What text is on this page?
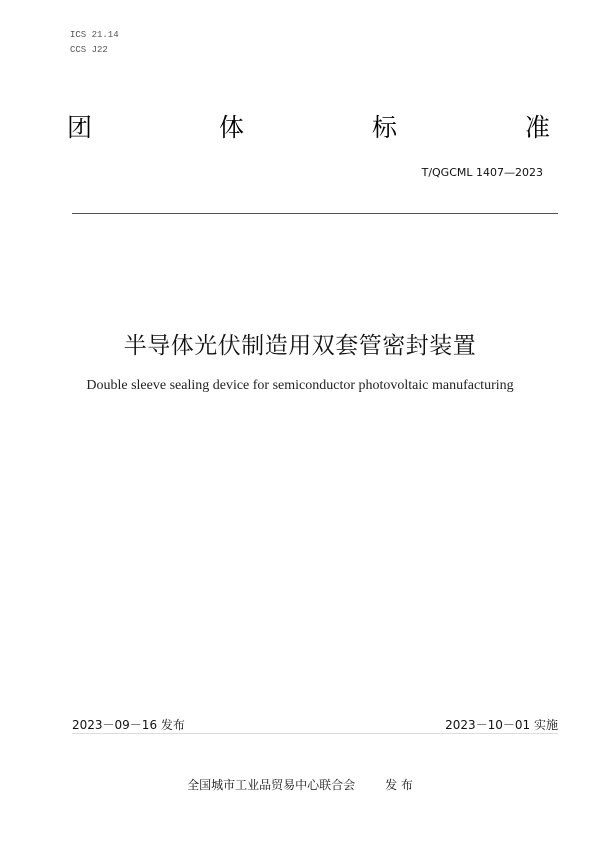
ICS 21.14
CCS J22
团	体	标	准
T/QGCML 1407—2023
半导体光伏制造用双套管密封装置
Double sleeve sealing device for semiconductor photovoltaic manufacturing
2023－09－16 发布	2023－10－01 实施
全国城市工业品贸易中心联合会	发 布
